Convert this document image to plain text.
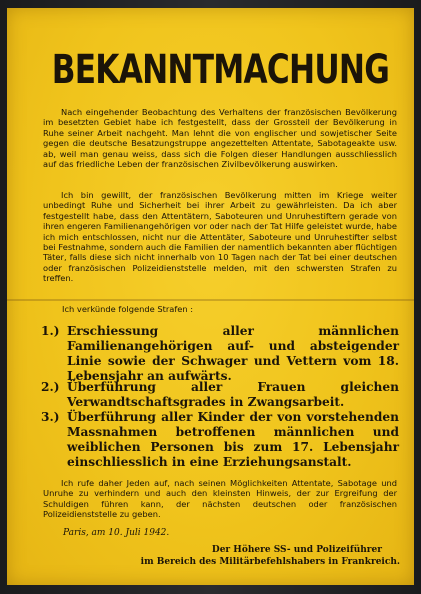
BEKANNTMACHUNG

Nach eingehender Beobachtung des Verhaltens der französischen Bevölkerung im besetzten Gebiet habe ich festgestellt, dass der Grossteil der Bevölkerung in Ruhe seiner Arbeit nachgeht. Man lehnt die von englischer und sowjetischer Seite gegen die deutsche Besatzungstruppe angezettelten Attentate, Sabotageakte usw. ab, weil man genau weiss, dass sich die Folgen dieser Handlungen ausschliesslich auf das friedliche Leben der französischen Zivilbevölkerung auswirken.

Ich bin gewillt, der französischen Bevölkerung mitten im Kriege weiter unbedingt Ruhe und Sicherheit bei ihrer Arbeit zu gewährleisten. Da ich aber festgestellt habe, dass den Attentätern, Saboteuren und Unruhestiftern gerade von ihren engeren Familienangehörigen vor oder nach der Tat Hilfe geleistet wurde, habe ich mich entschlossen, nicht nur die Attentäter, Saboteure und Unruhestifter selbst bei Festnahme, sondern auch die Familien der namentlich bekannten aber flüchtigen Täter, falls diese sich nicht innerhalb von 10 Tagen nach der Tat bei einer deutschen oder französischen Polizeidienststelle melden, mit den schwersten Strafen zu treffen.

Ich verkünde folgende Strafen :

1.) Erschiessung aller männlichen Familienangehörigen auf- und absteigender Linie sowie der Schwager und Vettern vom 18. Lebensjahr an aufwärts.
2.) Überführung aller Frauen gleichen Verwandtschaftsgrades in Zwangsarbeit.
3.) Überführung aller Kinder der von vorstehenden Massnahmen betroffenen männlichen und weiblichen Personen bis zum 17. Lebensjahr einschliesslich in eine Erziehungsanstalt.

Ich rufe daher Jeden auf, nach seinen Möglichkeiten Attentate, Sabotage und Unruhe zu verhindern und auch den kleinsten Hinweis, der zur Ergreifung der Schuldigen führen kann, der nächsten deutschen oder französischen Polizeidienststelle zu geben.

Paris, am 10. Juli 1942.
Der Höhere SS- und Polizeiführer
im Bereich des Militärbefehlshabers in Frankreich.
